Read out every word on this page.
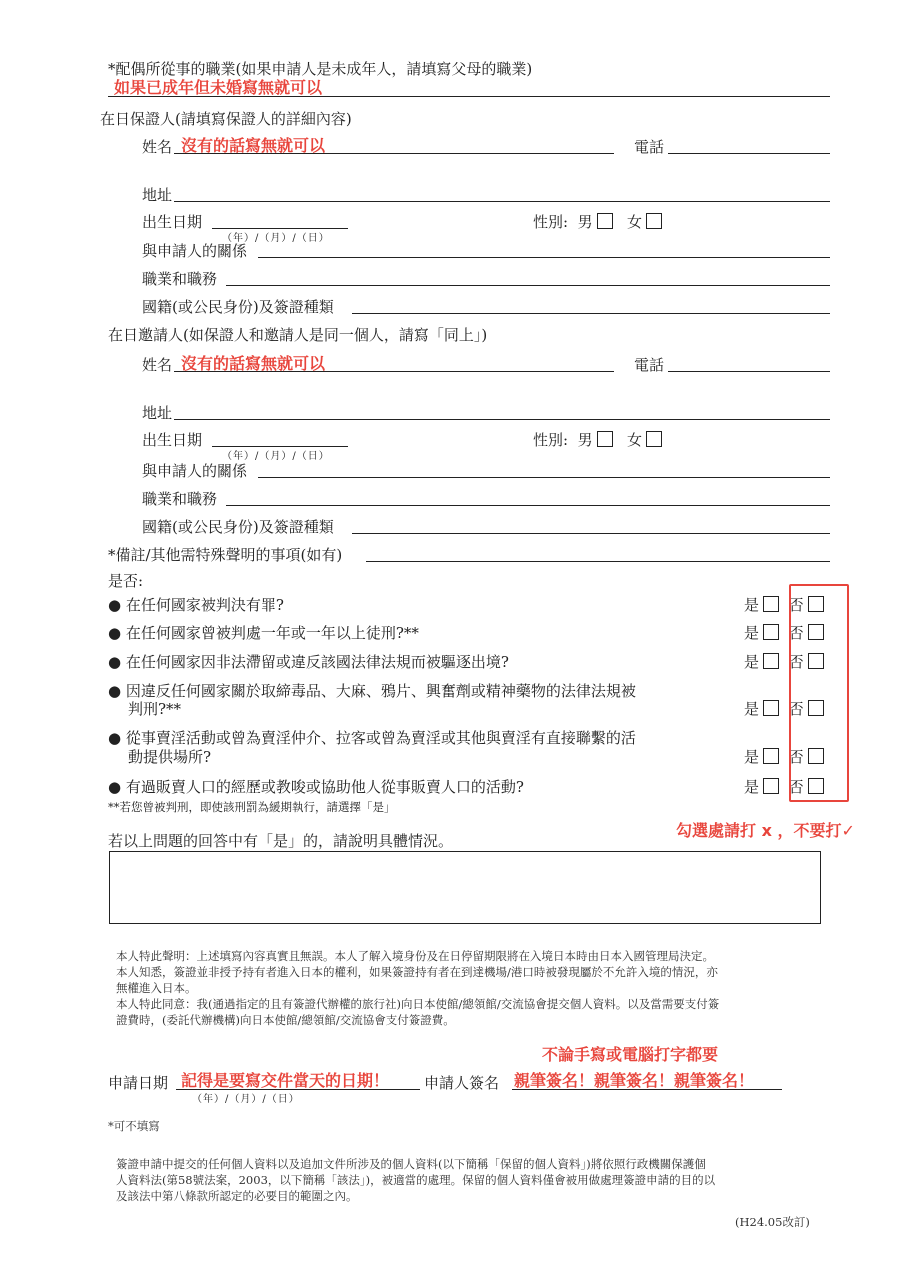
*配偶所從事的職業(如果申請人是未成年人，請填寫父母的職業)
如果已成年但未婚寫無就可以
在日保證人(請填寫保證人的詳細內容)
姓名 沒有的話寫無就可以	電話
地址
出生日期
（年）/（月）/（日）
性別: 男 女
與申請人的關係
職業和職務
國籍(或公民身份)及簽證種類
在日邀請人(如保證人和邀請人是同一個人，請寫「同上」)
姓名 沒有的話寫無就可以	電話
地址
出生日期
（年）/（月）/（日）
性別: 男 女
與申請人的關係
職業和職務
國籍(或公民身份)及簽證種類
*備註/其他需特殊聲明的事項(如有)
是否:
● 在任何國家被判決有罪?	是 否
● 在任何國家曾被判處一年或一年以上徒刑?**	是 否
● 在任何國家因非法滯留或違反該國法律法規而被驅逐出境?	是 否
● 因違反任何國家關於取締毒品、大麻、鴉片、興奮劑或精神藥物的法律法規被
判刑?**	是 否
● 從事賣淫活動或曾為賣淫仲介、拉客或曾為賣淫或其他與賣淫有直接聯繫的活
動提供場所?	是 否
● 有過販賣人口的經歷或教唆或協助他人從事販賣人口的活動?	是 否
**若您曾被判刑，即使該刑罰為緩期執行，請選擇「是」
勾選處請打 x ，不要打✓
若以上問題的回答中有「是」的，請說明具體情況。
本人特此聲明：上述填寫內容真實且無誤。本人了解入境身份及在日停留期限將在入境日本時由日本入國管理局決定。
本人知悉，簽證並非授予持有者進入日本的權利，如果簽證持有者在到達機場/港口時被發現屬於不允許入境的情況，亦
無權進入日本。
本人特此同意：我(通過指定的且有簽證代辦權的旅行社)向日本使館/總領館/交流協會提交個人資料。以及當需要支付簽
證費時，(委託代辦機構)向日本使館/總領館/交流協會支付簽證費。
不論手寫或電腦打字都要
申請日期 記得是要寫交件當天的日期！
（年）/（月）/（日）
申請人簽名 親筆簽名！親筆簽名！親筆簽名！
*可不填寫
簽證申請中提交的任何個人資料以及追加文件所涉及的個人資料(以下簡稱「保留的個人資料」)將依照行政機關保護個
人資料法(第58號法案，2003，以下簡稱「該法」)，被適當的處理。保留的個人資料僅會被用做處理簽證申請的目的以
及該法中第八條款所認定的必要目的範圍之內。
(H24.05改訂)
